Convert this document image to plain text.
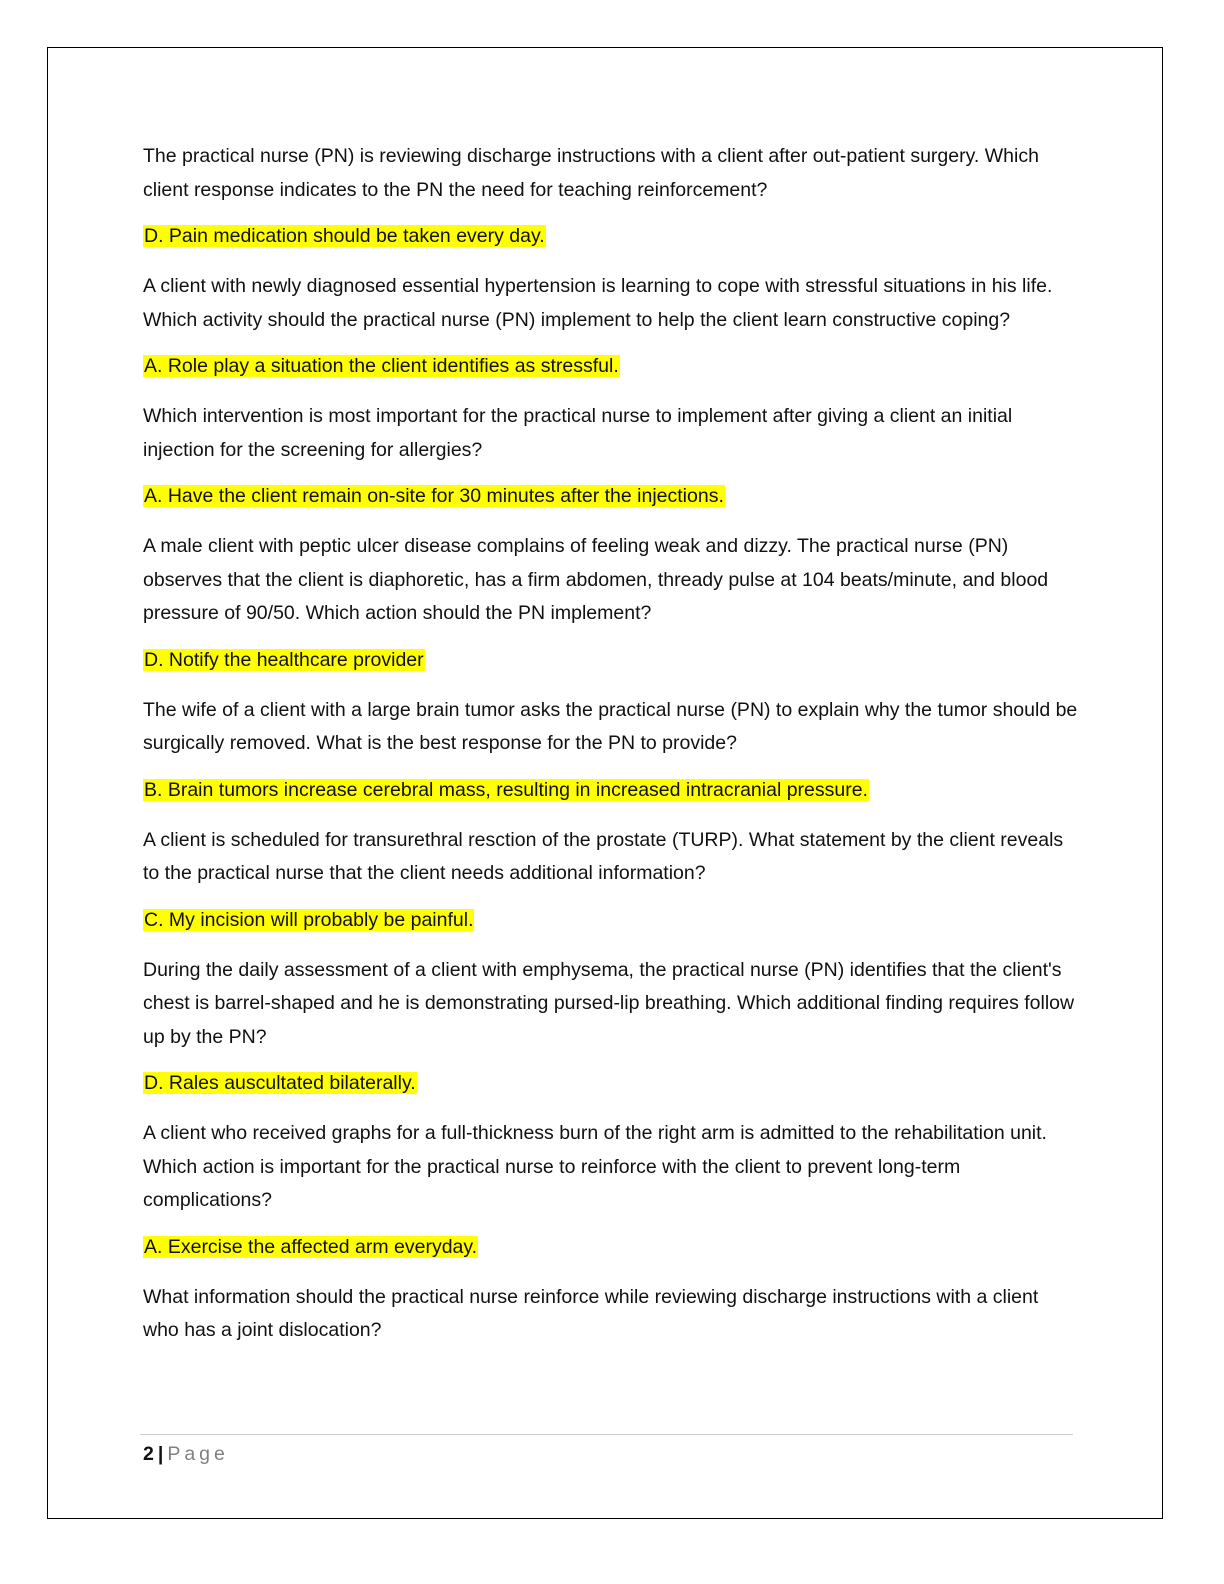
The practical nurse (PN) is reviewing discharge instructions with a client after out-patient surgery. Which client response indicates to the PN the need for teaching reinforcement?

D. Pain medication should be taken every day.

A client with newly diagnosed essential hypertension is learning to cope with stressful situations in his life. Which activity should the practical nurse (PN) implement to help the client learn constructive coping?

A. Role play a situation the client identifies as stressful.

Which intervention is most important for the practical nurse to implement after giving a client an initial injection for the screening for allergies?

A. Have the client remain on-site for 30 minutes after the injections.

A male client with peptic ulcer disease complains of feeling weak and dizzy. The practical nurse (PN) observes that the client is diaphoretic, has a firm abdomen, thready pulse at 104 beats/minute, and blood pressure of 90/50. Which action should the PN implement?

D. Notify the healthcare provider

The wife of a client with a large brain tumor asks the practical nurse (PN) to explain why the tumor should be surgically removed. What is the best response for the PN to provide?

B. Brain tumors increase cerebral mass, resulting in increased intracranial pressure.

A client is scheduled for transurethral resction of the prostate (TURP). What statement by the client reveals to the practical nurse that the client needs additional information?

C. My incision will probably be painful.

During the daily assessment of a client with emphysema, the practical nurse (PN) identifies that the client's chest is barrel-shaped and he is demonstrating pursed-lip breathing. Which additional finding requires follow up by the PN?

D. Rales auscultated bilaterally.

A client who received graphs for a full-thickness burn of the right arm is admitted to the rehabilitation unit. Which action is important for the practical nurse to reinforce with the client to prevent long-term complications?

A. Exercise the affected arm everyday.

What information should the practical nurse reinforce while reviewing discharge instructions with a client who has a joint dislocation?

2 | Page
